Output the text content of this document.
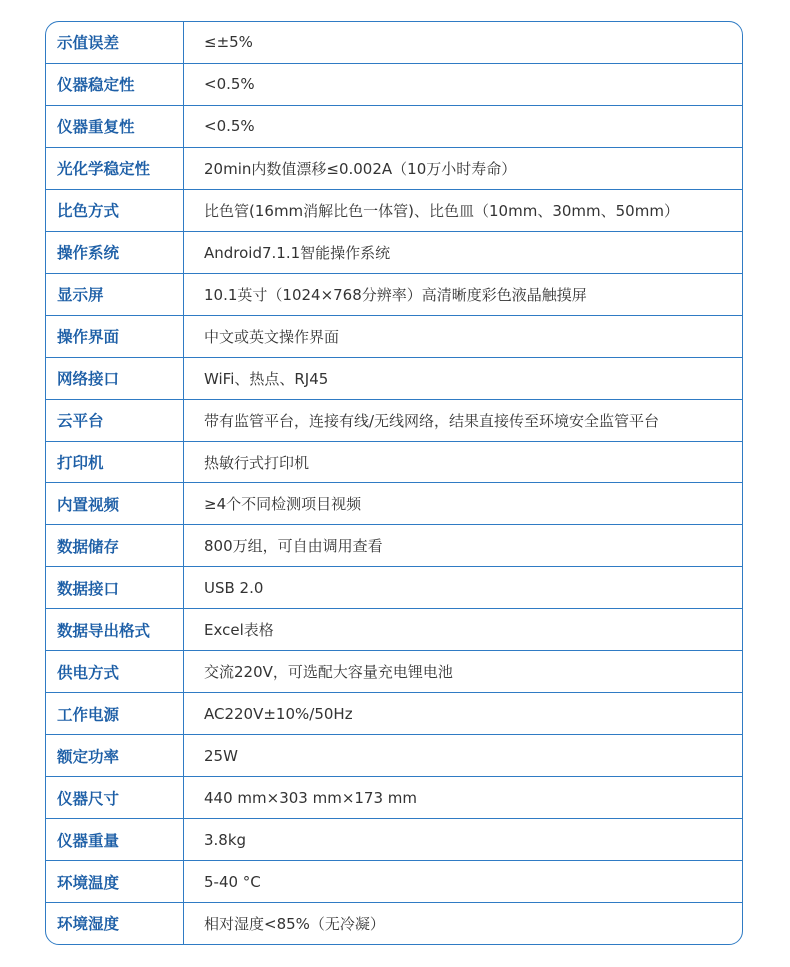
示值误差	≤±5%
仪器稳定性	<0.5%
仪器重复性	<0.5%
光化学稳定性	20min内数值漂移≤0.002A（10万小时寿命）
比色方式	比色管(16mm消解比色一体管)、比色皿（10mm、30mm、50mm）
操作系统	Android7.1.1智能操作系统
显示屏	10.1英寸（1024×768分辨率）高清晰度彩色液晶触摸屏
操作界面	中文或英文操作界面
网络接口	WiFi、热点、RJ45
云平台	带有监管平台，连接有线/无线网络，结果直接传至环境安全监管平台
打印机	热敏行式打印机
内置视频	≥4个不同检测项目视频
数据储存	800万组，可自由调用查看
数据接口	USB 2.0
数据导出格式	Excel表格
供电方式	交流220V，可选配大容量充电锂电池
工作电源	AC220V±10%/50Hz
额定功率	25W
仪器尺寸	440 mm×303 mm×173 mm
仪器重量	3.8kg
环境温度	5-40 °C
环境湿度	相对湿度<85%（无冷凝）
